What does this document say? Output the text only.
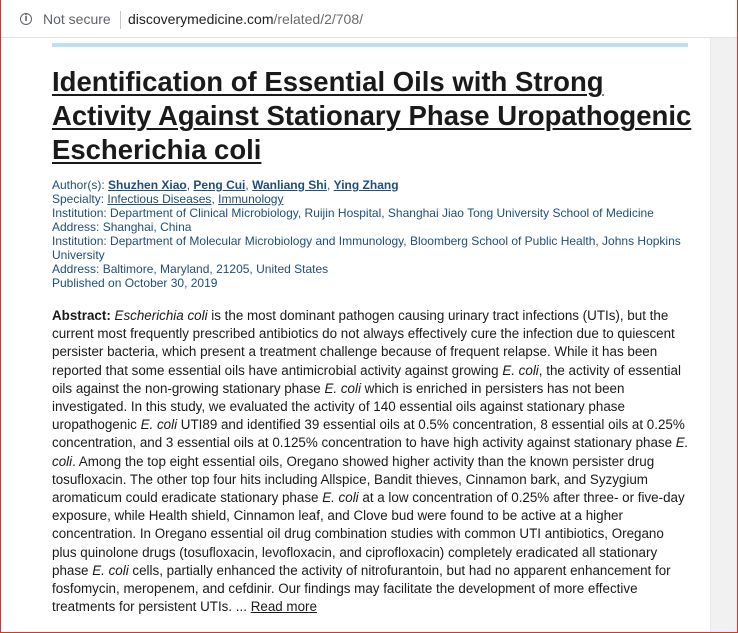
i	Not secure discoverymedicine.com/related/2/708/
Identification of Essential Oils with Strong Activity Against Stationary Phase Uropathogenic Escherichia coli
Author(s): Shuzhen Xiao, Peng Cui, Wanliang Shi, Ying Zhang
Specialty: Infectious Diseases, Immunology
Institution: Department of Clinical Microbiology, Ruijin Hospital, Shanghai Jiao Tong University School of Medicine
Address: Shanghai, China
Institution: Department of Molecular Microbiology and Immunology, Bloomberg School of Public Health, Johns Hopkins University
Address: Baltimore, Maryland, 21205, United States
Published on October 30, 2019

Abstract: Escherichia coli is the most dominant pathogen causing urinary tract infections (UTIs), but the current most frequently prescribed antibiotics do not always effectively cure the infection due to quiescent persister bacteria, which present a treatment challenge because of frequent relapse. While it has been reported that some essential oils have antimicrobial activity against growing E. coli, the activity of essential oils against the non-growing stationary phase E. coli which is enriched in persisters has not been investigated. In this study, we evaluated the activity of 140 essential oils against stationary phase uropathogenic E. coli UTI89 and identified 39 essential oils at 0.5% concentration, 8 essential oils at 0.25% concentration, and 3 essential oils at 0.125% concentration to have high activity against stationary phase E. coli. Among the top eight essential oils, Oregano showed higher activity than the known persister drug tosufloxacin. The other top four hits including Allspice, Bandit thieves, Cinnamon bark, and Syzygium aromaticum could eradicate stationary phase E. coli at a low concentration of 0.25% after three- or five-day exposure, while Health shield, Cinnamon leaf, and Clove bud were found to be active at a higher concentration. In Oregano essential oil drug combination studies with common UTI antibiotics, Oregano plus quinolone drugs (tosufloxacin, levofloxacin, and ciprofloxacin) completely eradicated all stationary phase E. coli cells, partially enhanced the activity of nitrofurantoin, but had no apparent enhancement for fosfomycin, meropenem, and cefdinir. Our findings may facilitate the development of more effective treatments for persistent UTIs. ... Read more
